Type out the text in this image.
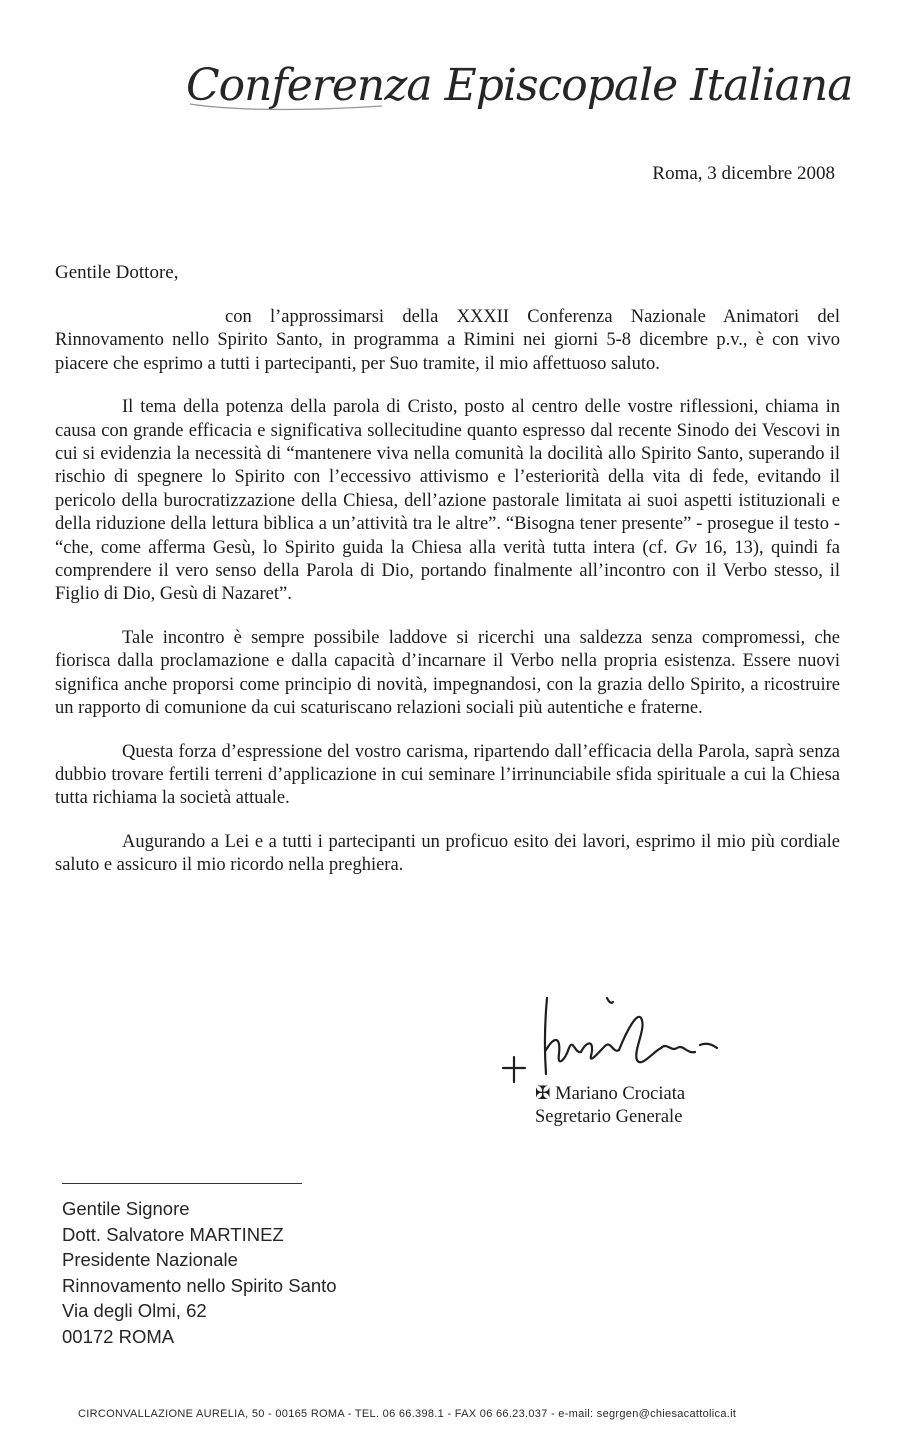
Conferenza Episcopale Italiana
Roma, 3 dicembre 2008
Gentile Dottore,

con l’approssimarsi della XXXII Conferenza Nazionale Animatori del Rinnovamento nello Spirito Santo, in programma a Rimini nei giorni 5-8 dicembre p.v., è con vivo piacere che esprimo a tutti i partecipanti, per Suo tramite, il mio affettuoso saluto.

Il tema della potenza della parola di Cristo, posto al centro delle vostre riflessioni, chiama in causa con grande efficacia e significativa sollecitudine quanto espresso dal recente Sinodo dei Vescovi in cui si evidenzia la necessità di “mantenere viva nella comunità la docilità allo Spirito Santo, superando il rischio di spegnere lo Spirito con l’eccessivo attivismo e l’esteriorità della vita di fede, evitando il pericolo della burocratizzazione della Chiesa, dell’azione pastorale limitata ai suoi aspetti istituzionali e della riduzione della lettura biblica a un’attività tra le altre”. “Bisogna tener presente” - prosegue il testo - “che, come afferma Gesù, lo Spirito guida la Chiesa alla verità tutta intera (cf. Gv 16, 13), quindi fa comprendere il vero senso della Parola di Dio, portando finalmente all’incontro con il Verbo stesso, il Figlio di Dio, Gesù di Nazaret”.

Tale incontro è sempre possibile laddove si ricerchi una saldezza senza compromessi, che fiorisca dalla proclamazione e dalla capacità d’incarnare il Verbo nella propria esistenza. Essere nuovi significa anche proporsi come principio di novità, impegnandosi, con la grazia dello Spirito, a ricostruire un rapporto di comunione da cui scaturiscano relazioni sociali più autentiche e fraterne.

Questa forza d’espressione del vostro carisma, ripartendo dall’efficacia della Parola, saprà senza dubbio trovare fertili terreni d’applicazione in cui seminare l’irrinunciabile sfida spirituale a cui la Chiesa tutta richiama la società attuale.

Augurando a Lei e a tutti i partecipanti un proficuo esito dei lavori, esprimo il mio più cordiale saluto e assicuro il mio ricordo nella preghiera.

✠ Mariano Crociata
Segretario Generale
Gentile Signore
Dott. Salvatore MARTINEZ
Presidente Nazionale
Rinnovamento nello Spirito Santo
Via degli Olmi, 62
00172 ROMA
CIRCONVALLAZIONE AURELIA, 50 - 00165 ROMA - TEL. 06 66.398.1 - FAX 06 66.23.037 - e-mail: segrgen@chiesacattolica.it
